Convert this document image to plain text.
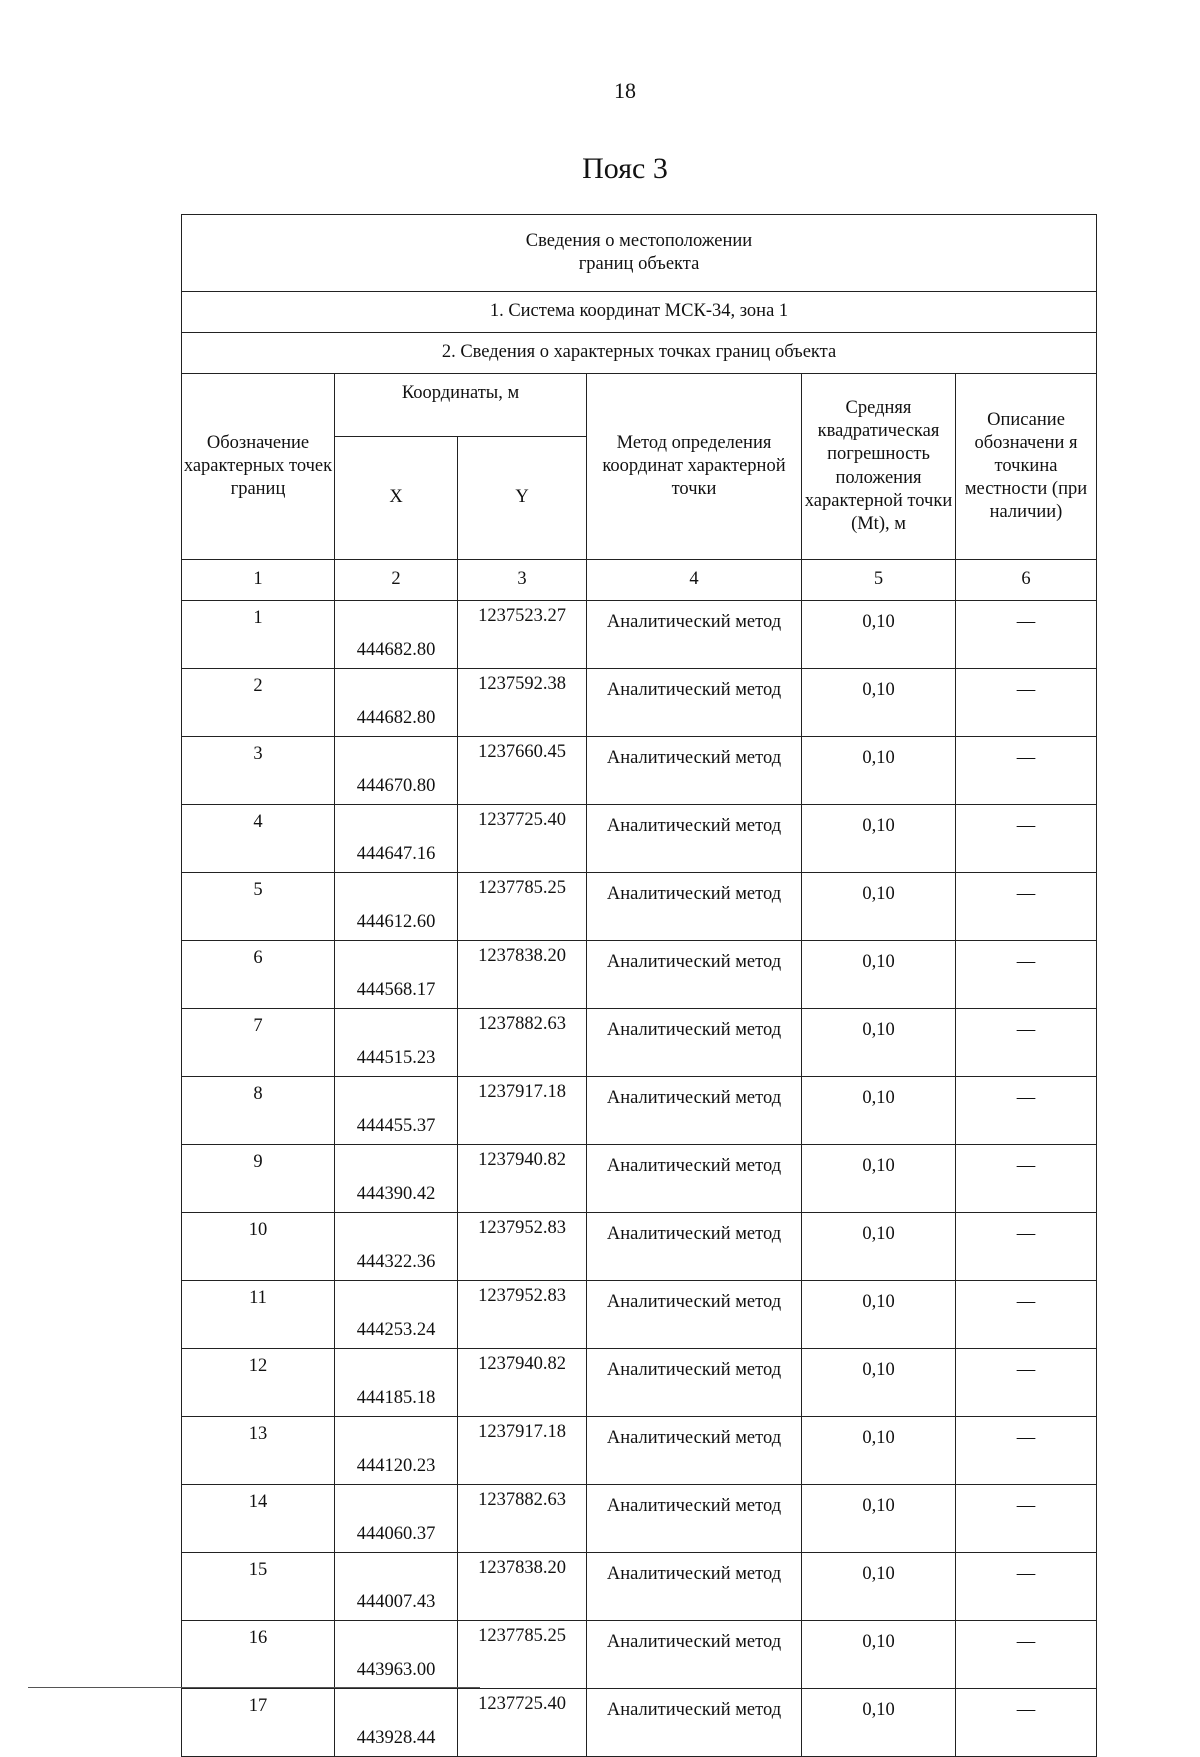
18
Пояс 3
Сведения о местоположении
границ объекта					
1. Система координат МСК-34, зона 1					
2. Сведения о характерных точках границ объекта					
Обозначение характерных точек границ	Координаты, м		Метод определения координат характерной точки	Средняя квадратическая погрешность положения характерной точки (Mt), м	Описание обозначени я точкина местности (при наличии)
	X	Y			
1	2	3	4	5	6
1	444682.80	1237523.27	Аналитический метод	0,10	—
2	444682.80	1237592.38	Аналитический метод	0,10	—
3	444670.80	1237660.45	Аналитический метод	0,10	—
4	444647.16	1237725.40	Аналитический метод	0,10	—
5	444612.60	1237785.25	Аналитический метод	0,10	—
6	444568.17	1237838.20	Аналитический метод	0,10	—
7	444515.23	1237882.63	Аналитический метод	0,10	—
8	444455.37	1237917.18	Аналитический метод	0,10	—
9	444390.42	1237940.82	Аналитический метод	0,10	—
10	444322.36	1237952.83	Аналитический метод	0,10	—
11	444253.24	1237952.83	Аналитический метод	0,10	—
12	444185.18	1237940.82	Аналитический метод	0,10	—
13	444120.23	1237917.18	Аналитический метод	0,10	—
14	444060.37	1237882.63	Аналитический метод	0,10	—
15	444007.43	1237838.20	Аналитический метод	0,10	—
16	443963.00	1237785.25	Аналитический метод	0,10	—
17	443928.44	1237725.40	Аналитический метод	0,10	—
